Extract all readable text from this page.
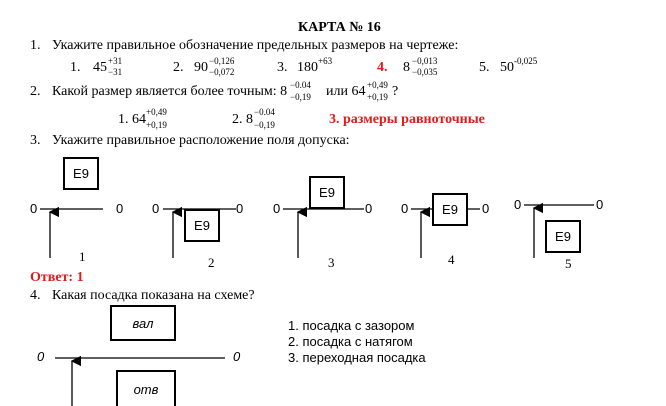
КАРТА № 16
1. Укажите правильное обозначение предельных размеров на чертеже:
1. 45 +31
−31	2. 90 −0,126
−0,072	3. 180 +63	4. 8 −0,013
−0,035	5. 50 -0,025
2. Какой размер является более точным: 8 −0.04
−0,19 или 64 +0,49
+0,19 ?
1. 64 +0,49
+0,19	2. 8 −0.04
−0,19	3. размеры равноточные
3. Укажите правильное расположение поля допуска:
0	0 0	0 0	0 0	0 0	0
E9
E9
E9
E9
E9
1	2	3	4	5
Ответ: 1
4. Какая посадка показана на схеме?
вал
отв
0	0
1. посадка с зазором
2. посадка с натягом
3. переходная посадка
